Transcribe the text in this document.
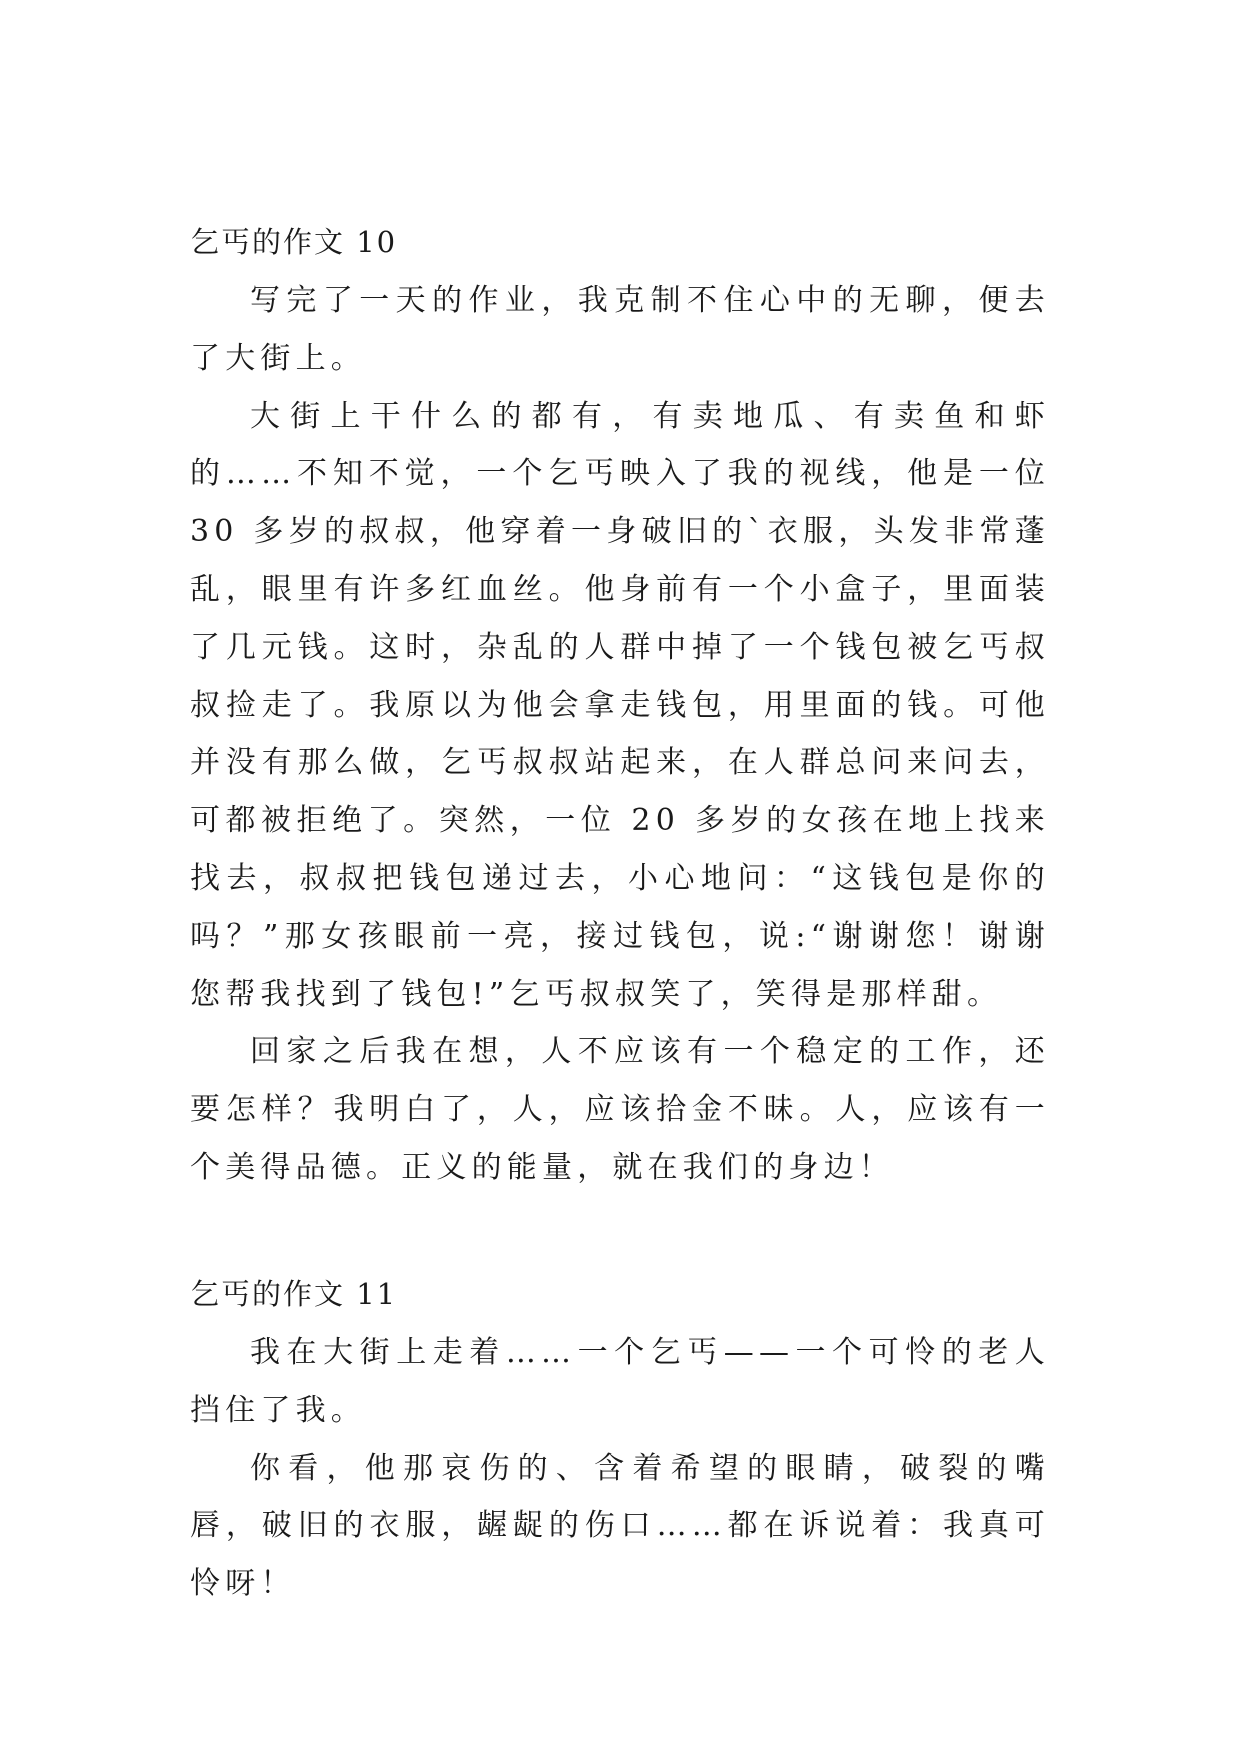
乞丐的作文 10

写完了一天的作业，我克制不住心中的无聊，便去了大街上。

大街上干什么的都有，有卖地瓜、有卖鱼和虾的……不知不觉，一个乞丐映入了我的视线，他是一位 30 多岁的叔叔，他穿着一身破旧的`衣服，头发非常蓬乱，眼里有许多红血丝。他身前有一个小盒子，里面装了几元钱。这时，杂乱的人群中掉了一个钱包被乞丐叔叔捡走了。我原以为他会拿走钱包，用里面的钱。可他并没有那么做，乞丐叔叔站起来，在人群总问来问去，可都被拒绝了。突然，一位 20 多岁的女孩在地上找来找去，叔叔把钱包递过去，小心地问：“这钱包是你的吗？”那女孩眼前一亮，接过钱包，说:“谢谢您！谢谢您帮我找到了钱包!”乞丐叔叔笑了，笑得是那样甜。

回家之后我在想，人不应该有一个稳定的工作，还要怎样？我明白了，人，应该拾金不昧。人，应该有一个美得品德。正义的能量，就在我们的身边！

乞丐的作文 11

我在大街上走着……一个乞丐——一个可怜的老人挡住了我。

你看，他那哀伤的、含着希望的眼睛，破裂的嘴唇，破旧的衣服，龌龊的伤口……都在诉说着：我真可怜呀！
